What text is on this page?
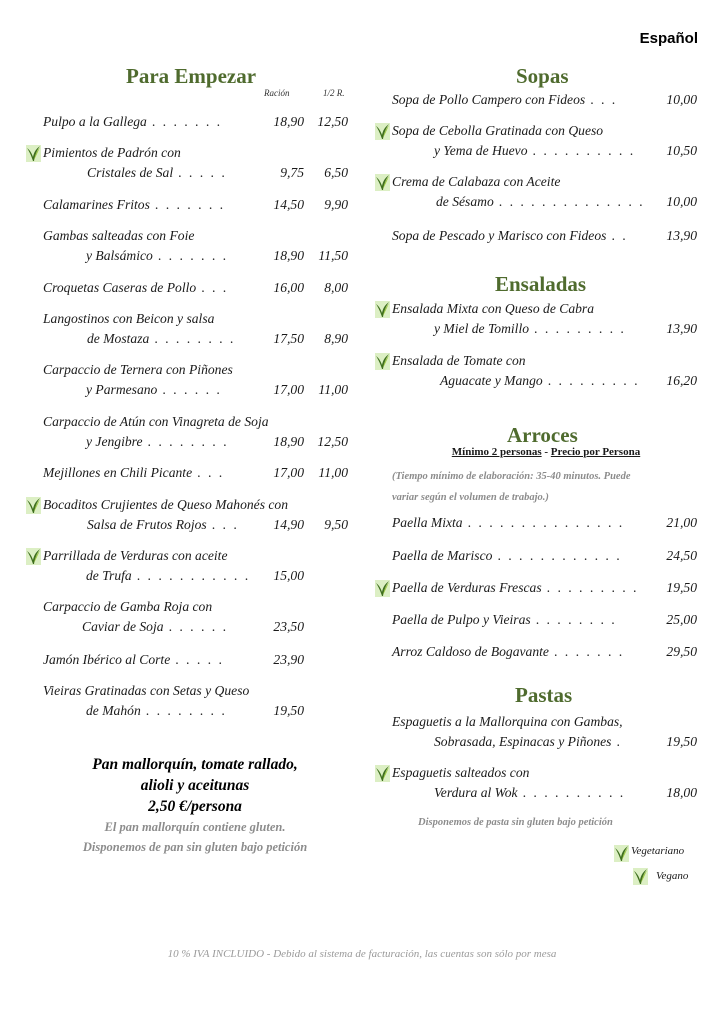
Español
Para Empezar
Ración	1/2 R.
Pulpo a la Gallega . . . . . . .	18,90 12,50
Pimientos de Padrón con
Cristales de Sal . . . . .	9,75 6,50
Calamarines Fritos . . . . . . .	14,50 9,90
Gambas salteadas con Foie
y Balsámico . . . . . . .	18,90 11,50
Croquetas Caseras de Pollo . . .	16,00 8,00
Langostinos con Beicon y salsa
de Mostaza . . . . . . . .	17,50 8,90
Carpaccio de Ternera con Piñones
y Parmesano . . . . . .	17,00 11,00
Carpaccio de Atún con Vinagreta de Soja
y Jengibre . . . . . . . .	18,90 12,50
Mejillones en Chili Picante . . .	17,00 11,00
Bocaditos Crujientes de Queso Mahonés con
Salsa de Frutos Rojos . . .	14,90 9,50
Parrillada de Verduras con aceite
de Trufa . . . . . . . . . . . 15,00
Carpaccio de Gamba Roja con
Caviar de Soja . . . . . .	23,50
Jamón Ibérico al Corte . . . . .	23,90
Vieiras Gratinadas con Setas y Queso
de Mahón . . . . . . . .	19,50
Pan mallorquín, tomate rallado,
alioli y aceitunas
2,50 €/persona
El pan mallorquín contiene gluten.
Disponemos de pan sin gluten bajo petición
Sopas
Sopa de Pollo Campero con Fideos . . .	10,00
Sopa de Cebolla Gratinada con Queso
y Yema de Huevo . . . . . . . . . . 10,50
Crema de Calabaza con Aceite
de Sésamo . . . . . . . . . . . . . . 10,00
Sopa de Pescado y Marisco con Fideos . .	13,90
Ensaladas
Ensalada Mixta con Queso de Cabra
y Miel de Tomillo . . . . . . . . .	13,90
Ensalada de Tomate con
Aguacate y Mango . . . . . . . . . 16,20
Arroces
Mínimo 2 personas - Precio por Persona
(Tiempo mínimo de elaboración: 35-40 minutos. Puede
variar según el volumen de trabajo.)
Paella Mixta . . . . . . . . . . . . . . .	21,00
Paella de Marisco . . . . . . . . . . . .	24,50
Paella de Verduras Frescas . . . . . . . . . 19,50
Paella de Pulpo y Vieiras . . . . . . . .	25,00
Arroz Caldoso de Bogavante . . . . . . .	29,50
Pastas
Espaguetis a la Mallorquina con Gambas,
Sobrasada, Espinacas y Piñones .	19,50
Espaguetis salteados con
Verdura al Wok . . . . . . . . . .	18,00
Disponemos de pasta sin gluten bajo petición
Vegetariano
Vegano
10 % IVA INCLUIDO - Debido al sistema de facturación, las cuentas son sólo por mesa
